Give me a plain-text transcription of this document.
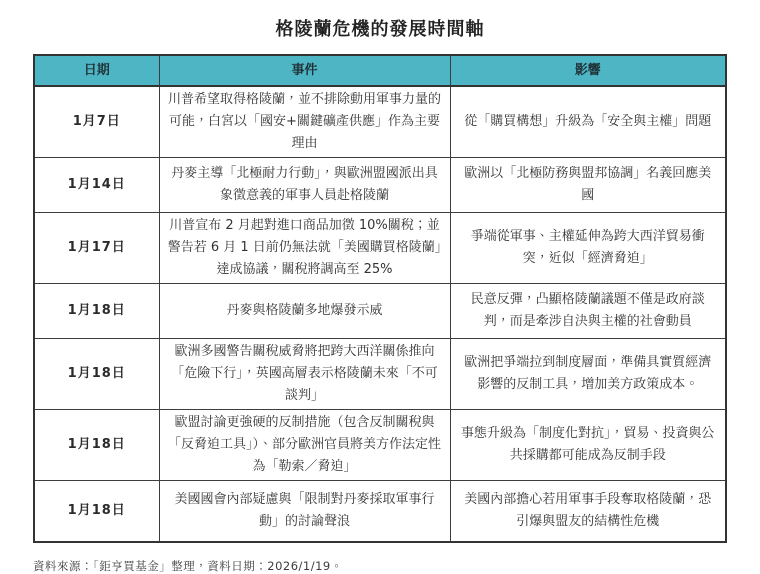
格陵蘭危機的發展時間軸
日期	事件	影響
1月7日	川普希望取得格陵蘭，並不排除動用軍事力量的可能，白宮以「國安+關鍵礦產供應」作為主要理由	從「購買構想」升級為「安全與主權」問題
1月14日	丹麥主導「北極耐力行動」，與歐洲盟國派出具象徵意義的軍事人員赴格陵蘭	歐洲以「北極防務與盟邦協調」名義回應美國
1月17日	川普宣布 2 月起對進口商品加徵 10%關稅；並警告若 6 月 1 日前仍無法就「美國購買格陵蘭」達成協議，關稅將調高至 25%	爭端從軍事、主權延伸為跨大西洋貿易衝突，近似「經濟脅迫」
1月18日	丹麥與格陵蘭多地爆發示威	民意反彈，凸顯格陵蘭議題不僅是政府談判，而是牽涉自決與主權的社會動員
1月18日	歐洲多國警告關稅威脅將把跨大西洋關係推向「危險下行」，英國高層表示格陵蘭未來「不可談判」	歐洲把爭端拉到制度層面，準備具實質經濟影響的反制工具，增加美方政策成本。
1月18日	歐盟討論更強硬的反制措施（包含反制關稅與「反脅迫工具」）、部分歐洲官員將美方作法定性為「勒索／脅迫」	事態升級為「制度化對抗」，貿易、投資與公共採購都可能成為反制手段
1月18日	美國國會內部疑慮與「限制對丹麥採取軍事行動」的討論聲浪	美國內部擔心若用軍事手段奪取格陵蘭，恐引爆與盟友的結構性危機
資料來源：「鉅亨買基金」整理，資料日期：2026/1/19。
